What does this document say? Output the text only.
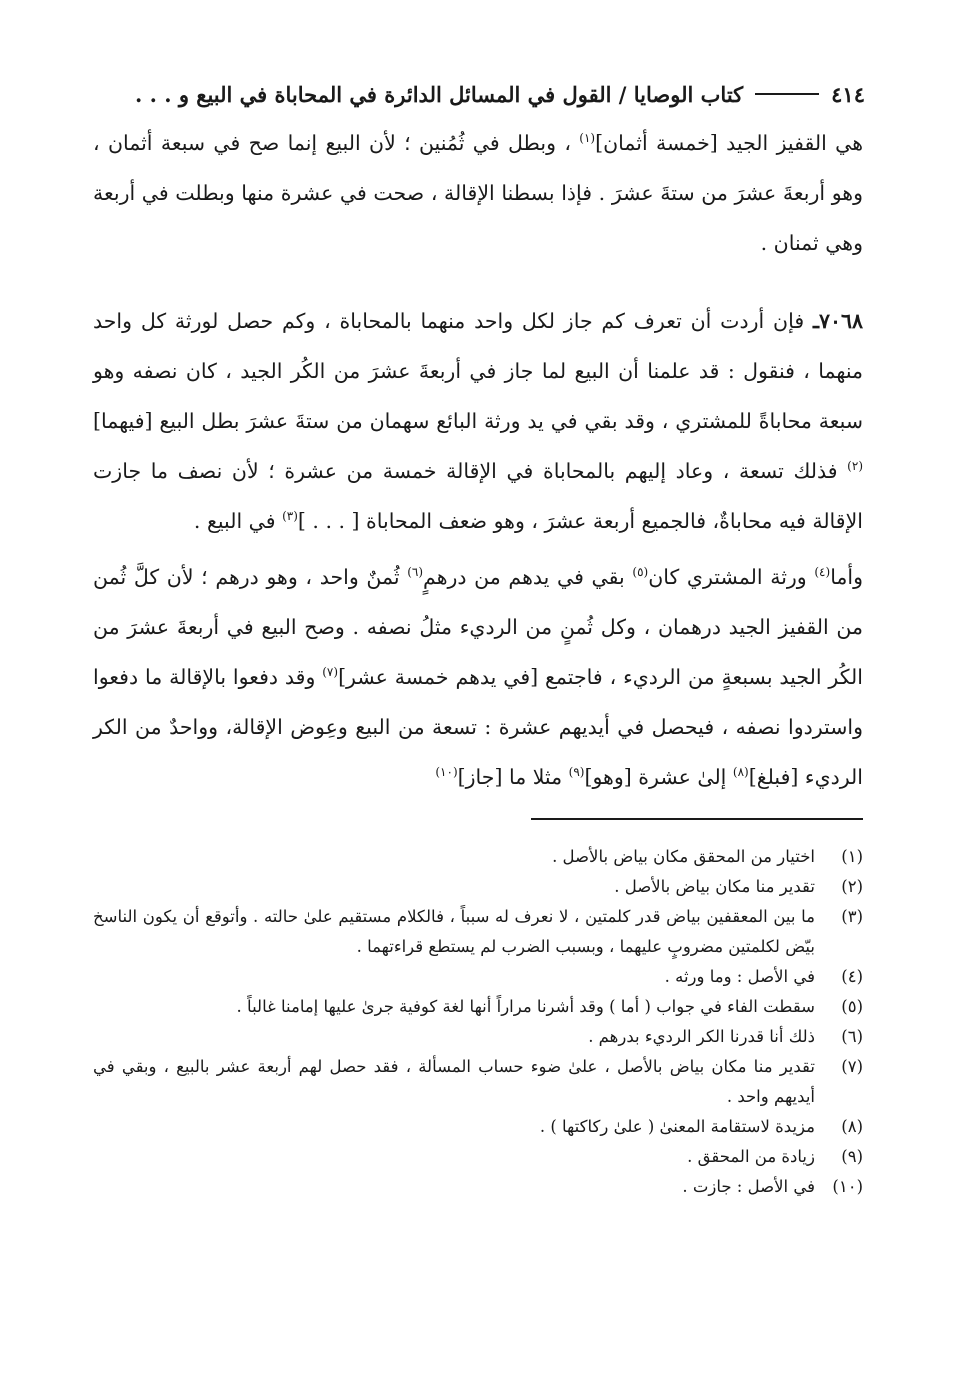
٤١٤
كتاب الوصايا / القول في المسائل الدائرة في المحاباة في البيع و . . .

هي القفيز الجيد [خمسة أثمان]$^{(١)}$ ، وبطل في ثُمُنين ؛ لأن البيع إنما صح في سبعة أثمان ، وهو أربعةَ عشرَ من ستةَ عشرَ . فإذا بسطنا الإقالة ، صحت في عشرة منها وبطلت في أربعة وهي ثمنان .

٧٠٦٨ـ فإن أردت أن تعرف كم جاز لكل واحد منهما بالمحاباة ، وكم حصل لورثة كل واحد منهما ، فنقول : قد علمنا أن البيع لما جاز في أربعةَ عشرَ من الكُر الجيد ، كان نصفه وهو سبعة محاباةً للمشتري ، وقد بقي في يد ورثة البائع سهمان من ستةَ عشرَ بطل البيع [فيهما]$^{(٢)}$ فذلك تسعة ، وعاد إليهم بالمحاباة في الإقالة خمسة من عشرة ؛ لأن نصف ما جازت الإقالة فيه محاباةٌ، فالجميع أربعة عشرَ ، وهو ضعف المحاباة [ . . . ]$^{(٣)}$ في البيع .

وأما$^{(٤)}$ ورثة المشتري كان$^{(٥)}$ بقي في يدهم من درهمٍ$^{(٦)}$ ثُمنٌ واحد ، وهو درهم ؛ لأن كلَّ ثُمن من القفيز الجيد درهمان ، وكل ثُمنٍ من الرديء مثلُ نصفه . وصح البيع في أربعةَ عشرَ من الكُر الجيد بسبعةٍ من الرديء ، فاجتمع [في يدهم خمسة عشر]$^{(٧)}$ وقد دفعوا بالإقالة ما دفعوا واستردوا نصفه ، فيحصل في أيديهم عشرة : تسعة من البيع وعِوض الإقالة، وواحدٌ من الكر الرديء [فبلغ]$^{(٨)}$ إلىٰ عشرة [وهو]$^{(٩)}$ مثلا ما [جاز]$^{(١٠)}$

(١)
اختيار من المحقق مكان بياض بالأصل .
(٢)
تقدير منا مكان بياض بالأصل .
(٣)
ما بين المعقفين بياض قدر كلمتين ، لا نعرف له سبباً ، فالكلام مستقيم علىٰ حالته . وأتوقع أن يكون الناسخ بيّض لكلمتين مضروبٍ عليهما ، وبسبب الضرب لم يستطع قراءتهما .
(٤)
في الأصل : وما ورثه .
(٥)
سقطت الفاء في جواب ( أما ) وقد أشرنا مراراً أنها لغة كوفية جرىٰ عليها إمامنا غالباً .
(٦)
ذلك أنا قدرنا الكر الرديء بدرهم .
(٧)
تقدير منا مكان بياض بالأصل ، علىٰ ضوء حساب المسألة ، فقد حصل لهم أربعة عشر بالبيع ، وبقي في أيديهم واحد .
(٨)
مزيدة لاستقامة المعنىٰ ( علىٰ ركاكتها ) .
(٩)
زيادة من المحقق .
(١٠)
في الأصل : جازت .
